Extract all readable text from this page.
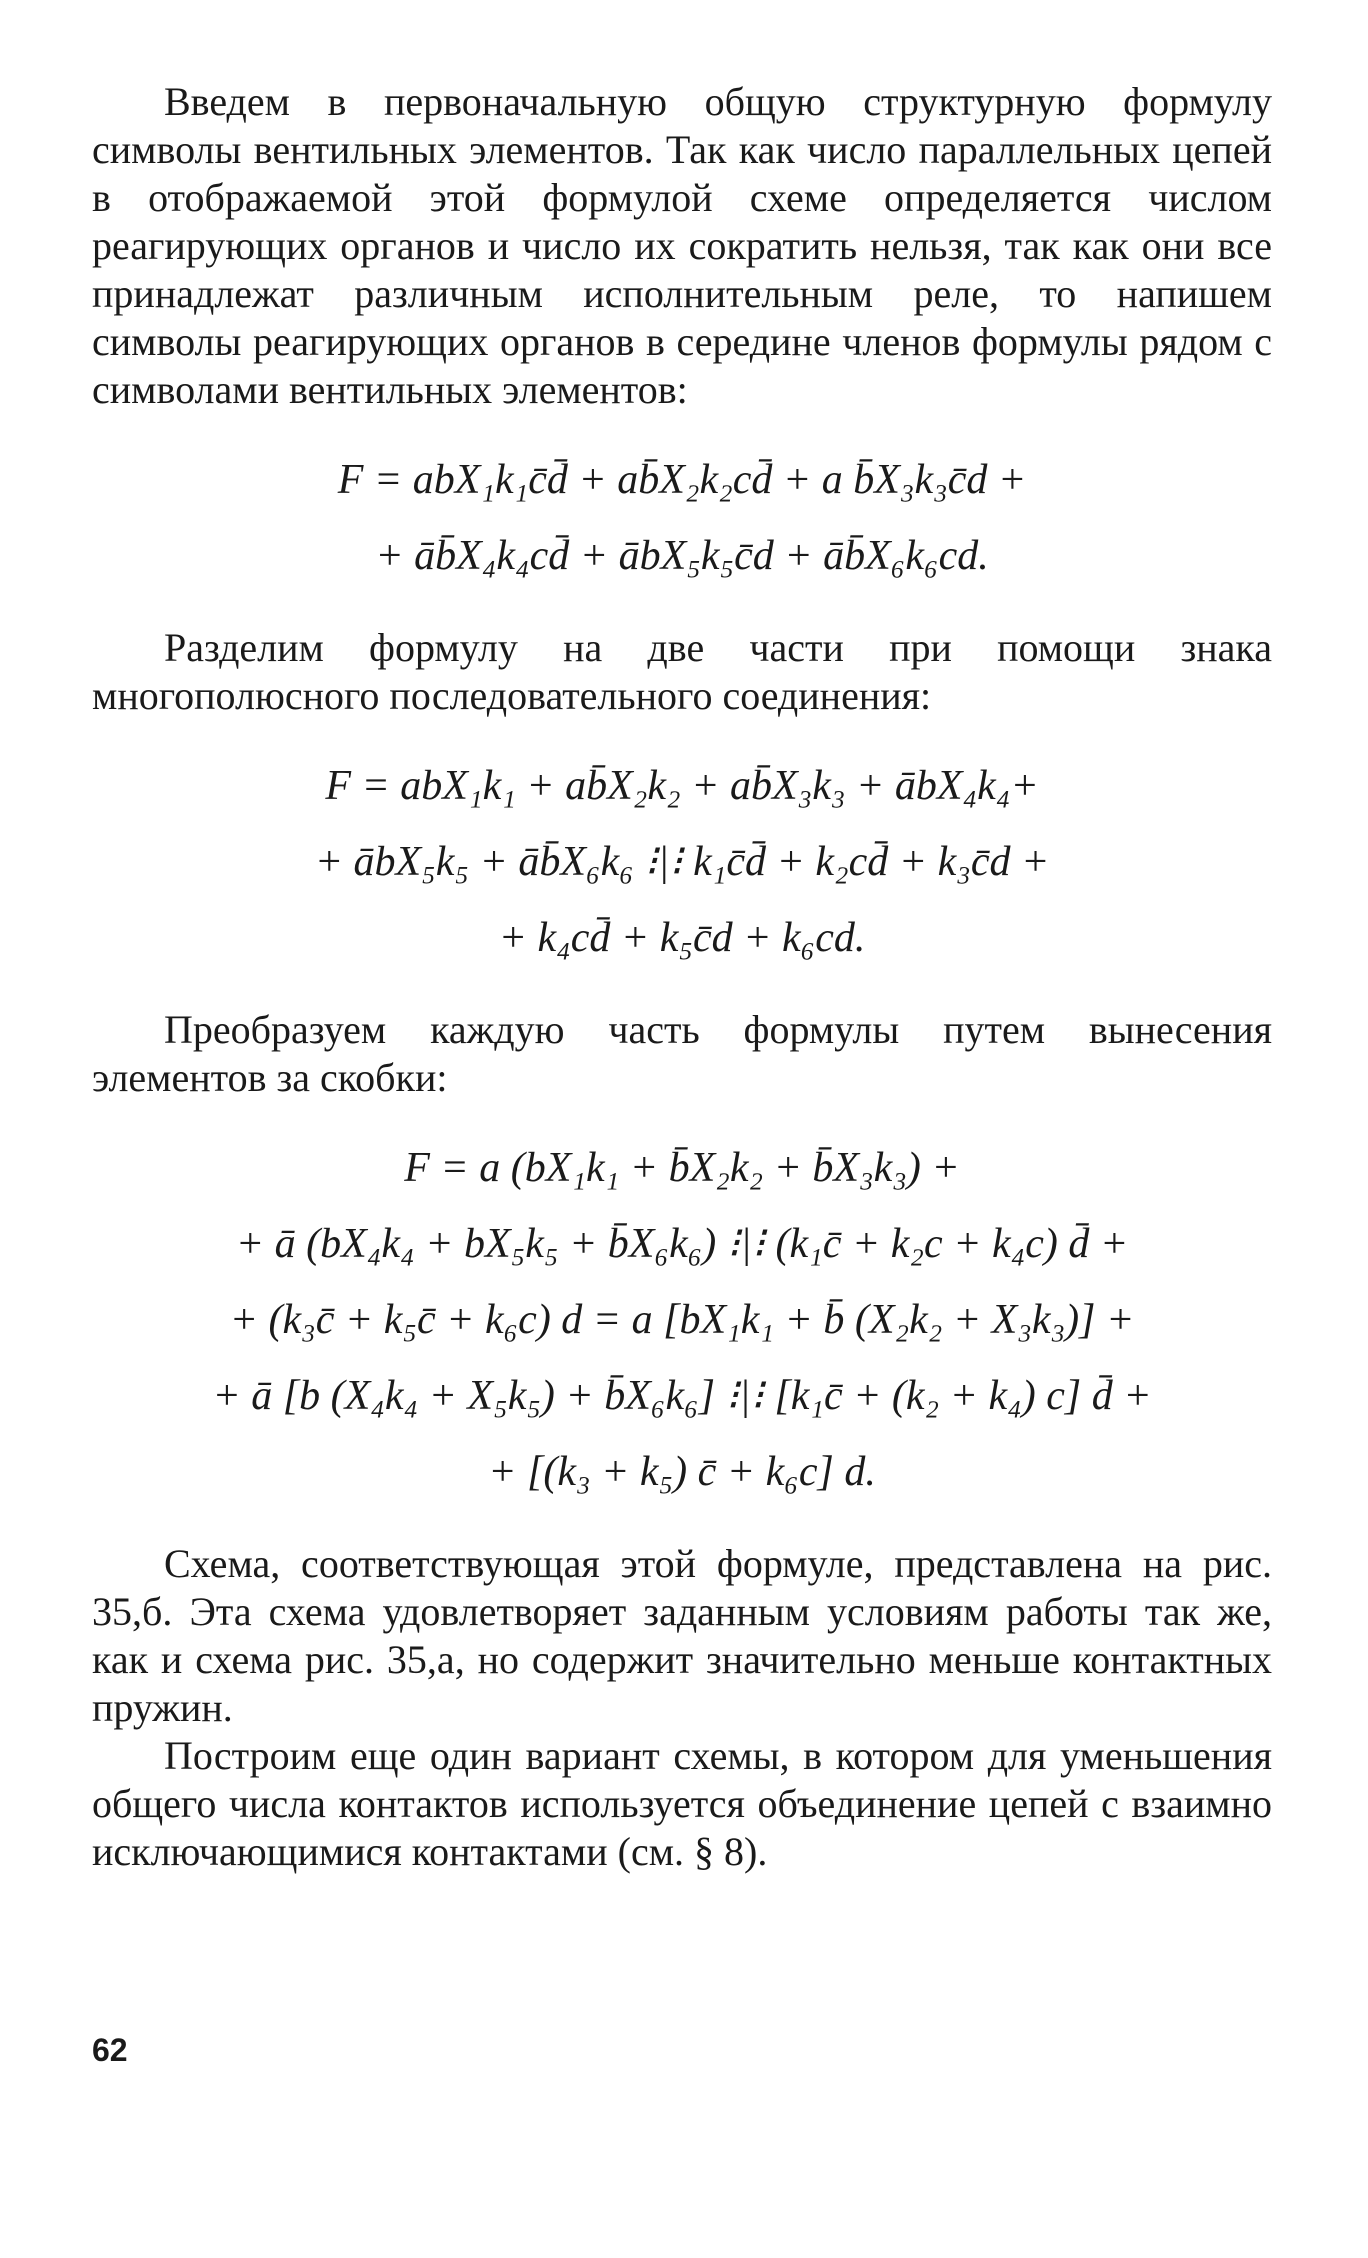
Введем в первоначальную общую структурную формулу символы вентильных элементов. Так как число параллельных цепей в отображаемой этой формулой схеме определяется числом реагирующих органов и число их сократить нельзя, так как они все принадлежат различным исполнительным реле, то напишем символы реагирующих органов в середине членов формулы рядом с символами вентильных элементов:

F = abX₁k₁c̄d̄ + ab̄X₂k₂cd̄ + a b̄X₃k₃c̄d +
+ āb̄X₄k₄cd̄ + ābX₅k₅c̄d + āb̄X₆k₆cd.

Разделим формулу на две части при помощи знака многополюсного последовательного соединения:

F = abX₁k₁ + ab̄X₂k₂ + ab̄X₃k₃ + ābX₄k₄+
+ ābX₅k₅ + āb̄X₆k₆ ⁝|⁝ k₁c̄d̄ + k₂cd̄ + k₃c̄d +
+ k₄cd̄ + k₅c̄d + k₆cd.

Преобразуем каждую часть формулы путем вынесения элементов за скобки:

F = a (bX₁k₁ + b̄X₂k₂ + b̄X₃k₃) +
+ ā (bX₄k₄ + bX₅k₅ + b̄X₆k₆) ⁝|⁝ (k₁c̄ + k₂c + k₄c) d̄ +
+ (k₃c̄ + k₅c̄ + k₆c) d = a [bX₁k₁ + b̄ (X₂k₂ + X₃k₃)] +
+ ā [b (X₄k₄ + X₅k₅) + b̄X₆k₆] ⁝|⁝ [k₁c̄ + (k₂ + k₄) c] d̄ +
+ [(k₃ + k₅) c̄ + k₆c] d.

Схема, соответствующая этой формуле, представлена на рис. 35,б. Эта схема удовлетворяет заданным условиям работы так же, как и схема рис. 35,а, но содержит значительно меньше контактных пружин.

Построим еще один вариант схемы, в котором для уменьшения общего числа контактов используется объединение цепей с взаимно исключающимися контактами (см. § 8).

62
